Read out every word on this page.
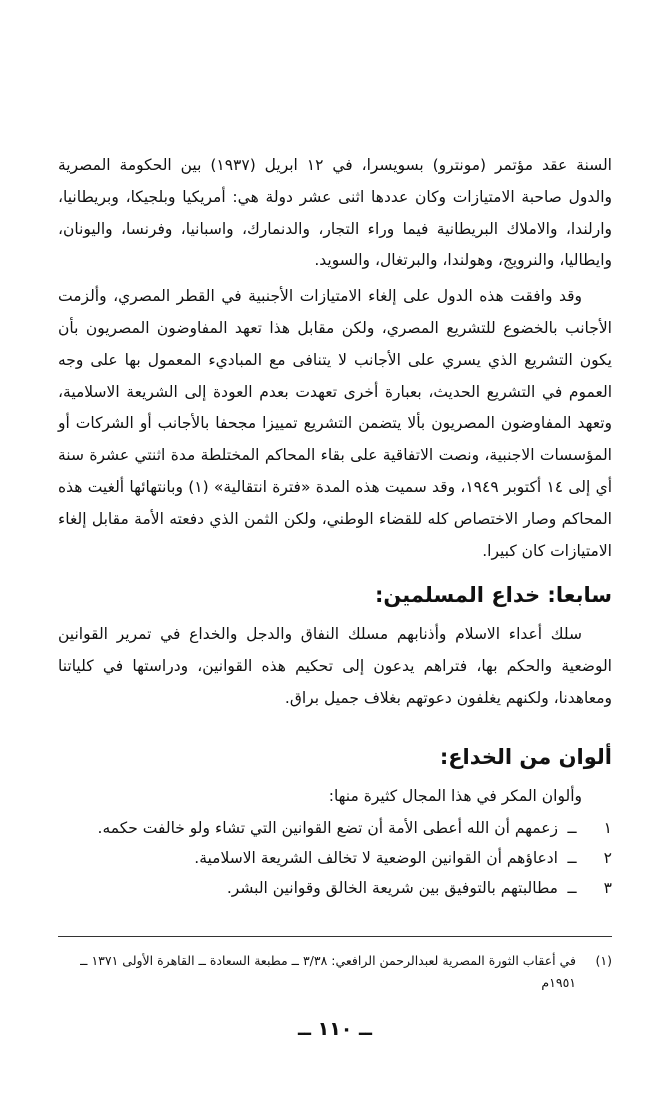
السنة عقد مؤتمر (مونترو) بسويسرا، في ١٢ ابريل (١٩٣٧) بين الحكومة المصرية والدول صاحبة الامتيازات وكان عددها اثنى عشر دولة هي: أمريكيا وبلجيكا، وبريطانيا، وارلندا، والاملاك البريطانية فيما وراء التجار، والدنمارك، واسبانيا، وفرنسا، واليونان، وايطاليا، والنرويج، وهولندا، والبرتغال، والسويد.

وقد وافقت هذه الدول على إلغاء الامتيازات الأجنبية في القطر المصري، وألزمت الأجانب بالخضوع للتشريع المصري، ولكن مقابل هذا تعهد المفاوضون المصريون بأن يكون التشريع الذي يسري على الأجانب لا يتنافى مع المباديء المعمول بها على وجه العموم في التشريع الحديث، بعبارة أخرى تعهدت بعدم العودة إلى الشريعة الاسلامية، وتعهد المفاوضون المصريون بألا يتضمن التشريع تمييزا مجحفا بالأجانب أو الشركات أو المؤسسات الاجنبية، ونصت الاتفاقية على بقاء المحاكم المختلطة مدة اثنتي عشرة سنة أي إلى ١٤ أكتوبر ١٩٤٩، وقد سميت هذه المدة «فترة انتقالية» (١) وبانتهائها ألغيت هذه المحاكم وصار الاختصاص كله للقضاء الوطني، ولكن الثمن الذي دفعته الأمة مقابل إلغاء الامتيازات كان كبيرا.

سابعا: خداع المسلمين:

سلك أعداء الاسلام وأذنابهم مسلك النفاق والدجل والخداع في تمرير القوانين الوضعية والحكم بها، فتراهم يدعون إلى تحكيم هذه القوانين، ودراستها في كلياتنا ومعاهدنا، ولكنهم يغلفون دعوتهم بغلاف جميل براق.

ألوان من الخداع:

وألوان المكر في هذا المجال كثيرة منها:

١
ــ
زعمهم أن الله أعطى الأمة أن تضع القوانين التي تشاء ولو خالفت حكمه.
٢
ــ
ادعاؤهم أن القوانين الوضعية لا تخالف الشريعة الاسلامية.
٣
ــ
مطالبتهم بالتوفيق بين شريعة الخالق وقوانين البشر.
(١)
في أعقاب الثورة المصرية لعبدالرحمن الرافعي: ٣/٣٨ ــ مطبعة السعادة ــ القاهرة الأولى ١٣٧١ ــ ١٩٥١م
ــ ١١٠ ــ
